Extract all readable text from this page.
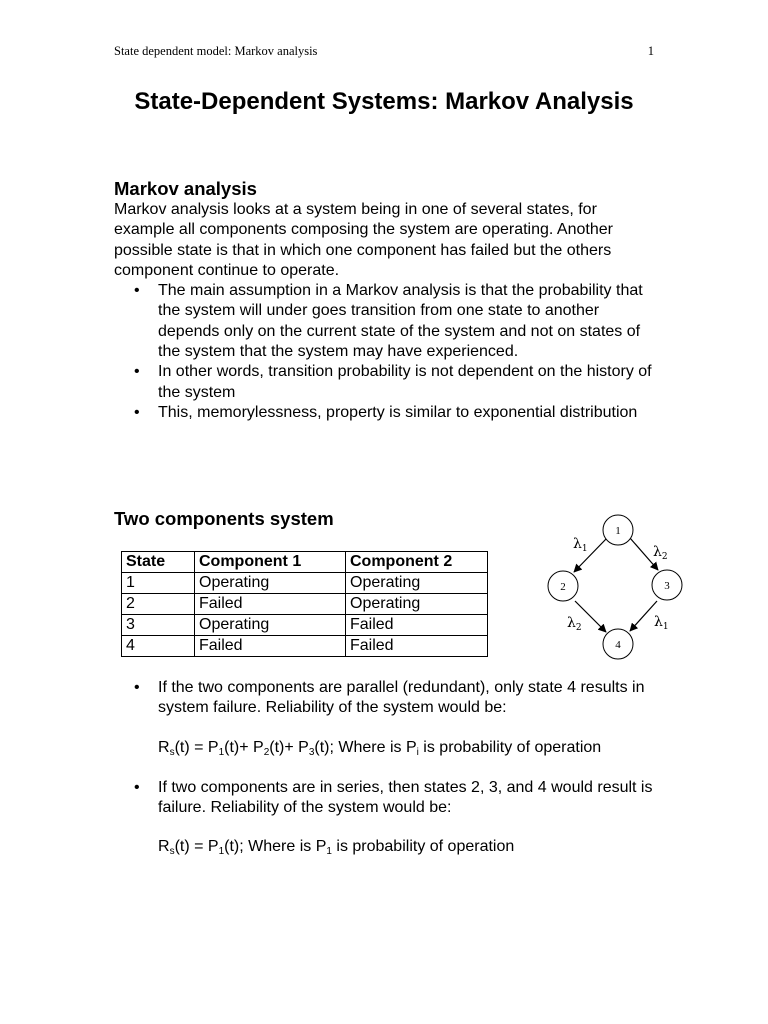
State dependent model: Markov analysis	1
State-Dependent Systems: Markov Analysis
Markov analysis

Markov analysis looks at a system being in one of several states, for example all components composing the system are operating. Another possible state is that in which one component has failed but the others component continue to operate.

• The main assumption in a Markov analysis is that the probability that the system will under goes transition from one state to another depends only on the current state of the system and not on states of the system that the system may have experienced.
• In other words, transition probability is not dependent on the history of the system
• This, memorylessness, property is similar to exponential distribution
Two components system
State	Component 1	Component 2
1	Operating	Operating
2	Failed	Operating
3	Operating	Failed
4	Failed	Failed
1
2	3
4
$\lambda_1$	$\lambda_2$
$\lambda_2$	$\lambda_1$
• If the two components are parallel (redundant), only state 4 results in system failure. Reliability of the system would be:

$R_s(t) = P_1(t)+ P_2(t)+ P_3(t)$; Where is $P_i$ is probability of operation

• If two components are in series, then states 2, 3, and 4 would result is failure. Reliability of the system would be:

$R_s(t) = P_1(t)$; Where is $P_1$ is probability of operation
